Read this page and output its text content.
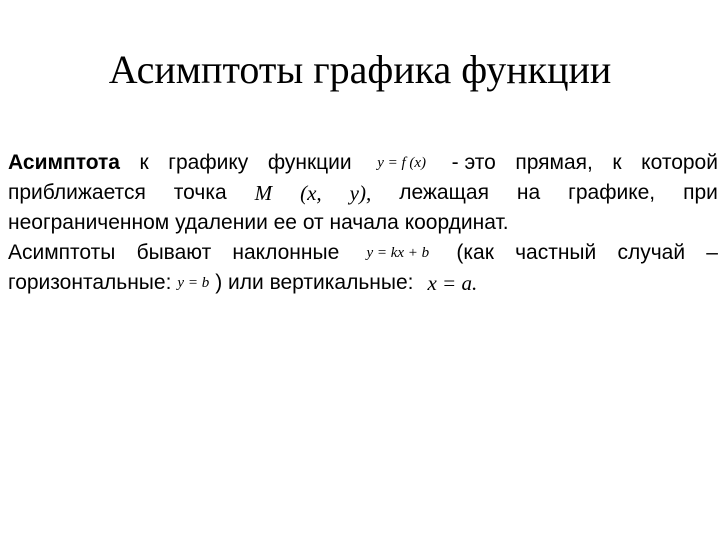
Асимптоты графика функции
Асимптота к графику функции	y = f (x) - это прямая, к которой
приближается точка M (x, y), лежащая на графике, при
неограниченном удалении ее от начала координат.
Асимптоты бывают наклонные	y = kx + b (как частный случай –
горизонтальные: y = b ) или вертикальные: x = a.
